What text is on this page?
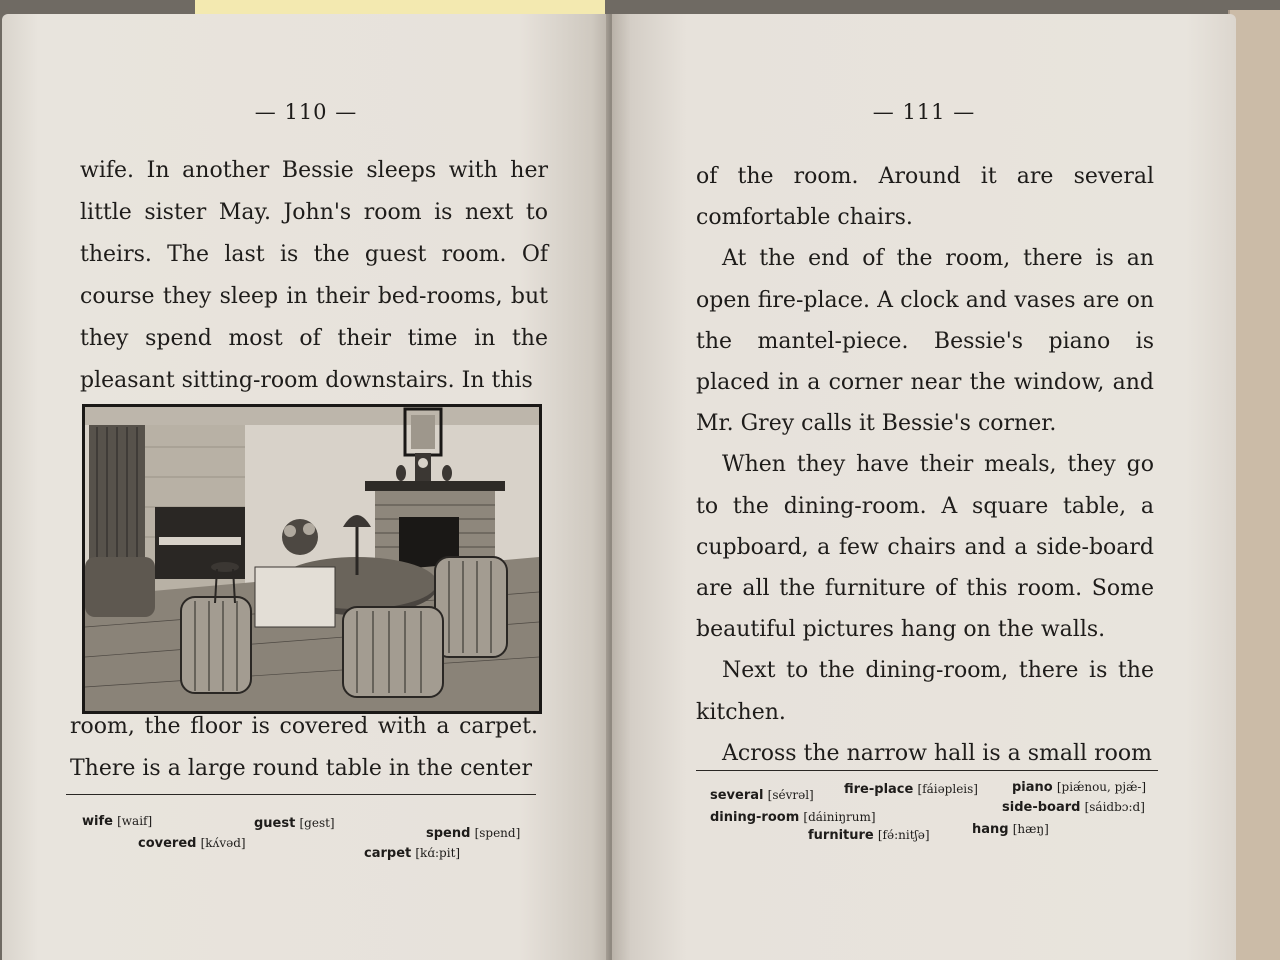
— 110 —

wife. In another Bessie sleeps with her little sister May. John's room is next to theirs. The last is the guest room. Of course they sleep in their bed-rooms, but they spend most of their time in the pleasant sitting-room downstairs. In this

room, the floor is covered with a carpet. There is a large round table in the center

wife [waif]	guest [gest]
spend [spend]
covered [kʌ́vəd]
carpet [kɑ́:pit]
— 111 —

of the room. Around it are several comfortable chairs.

At the end of the room, there is an open fire-place. A clock and vases are on the mantel-piece. Bessie's piano is placed in a corner near the window, and Mr. Grey calls it Bessie's corner.

When they have their meals, they go to the dining-room. A square table, a cupboard, a few chairs and a side-board are all the furniture of this room. Some beautiful pictures hang on the walls.

Next to the dining-room, there is the kitchen.

Across the narrow hall is a small room

several [sévrəl] fire-place [fáiəpleis]	piano [piǽnou, pjǽ-]
side-board [sáidbɔ:d]
dining-room [dáiniŋrum]
furniture [fə́:nitʃə]	hang [hæŋ]
